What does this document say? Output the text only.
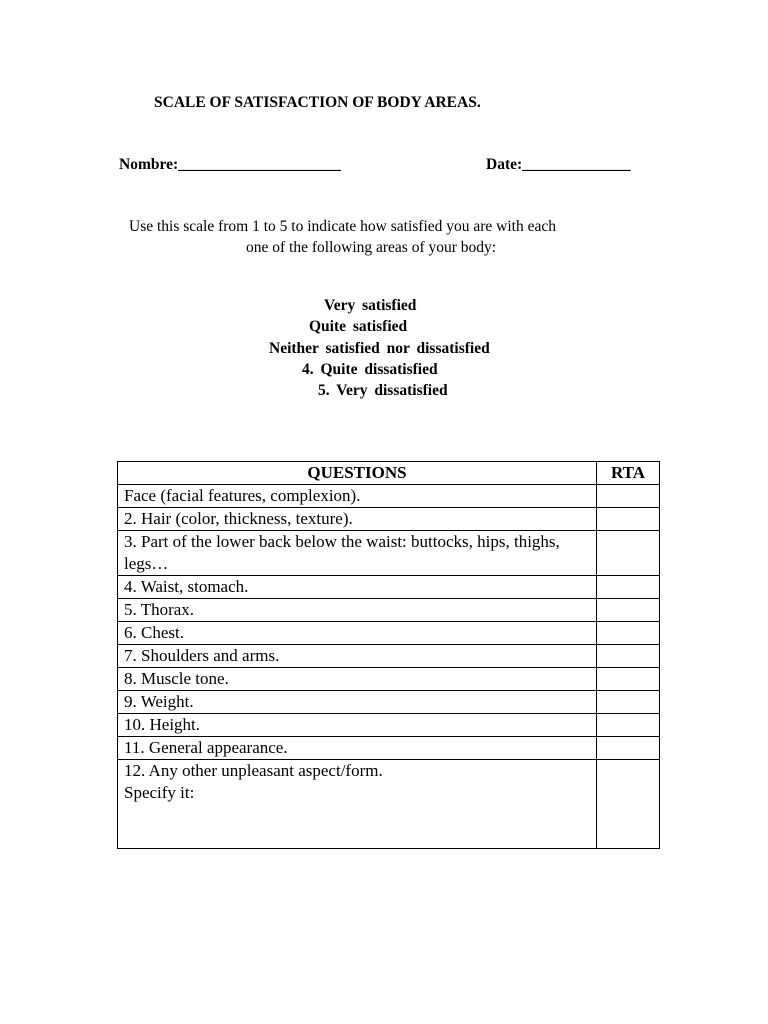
SCALE OF SATISFACTION OF BODY AREAS.
Nombre:_____________________	Date:______________
Use this scale from 1 to 5 to indicate how satisfied you are with each
one of the following areas of your body:
Very satisfied
Quite satisfied
Neither satisfied nor dissatisfied
4. Quite dissatisfied
5. Very dissatisfied
QUESTIONS	RTA
Face (facial features, complexion).	
2. Hair (color, thickness, texture).	
3. Part of the lower back below the waist: buttocks, hips, thighs, legs…	
4. Waist, stomach.	
5. Thorax.	
6. Chest.	
7. Shoulders and arms.	
8. Muscle tone.	
9. Weight.	
10. Height.	
11. General appearance.	

12. Any other unpleasant aspect/form.
Specify it:	
